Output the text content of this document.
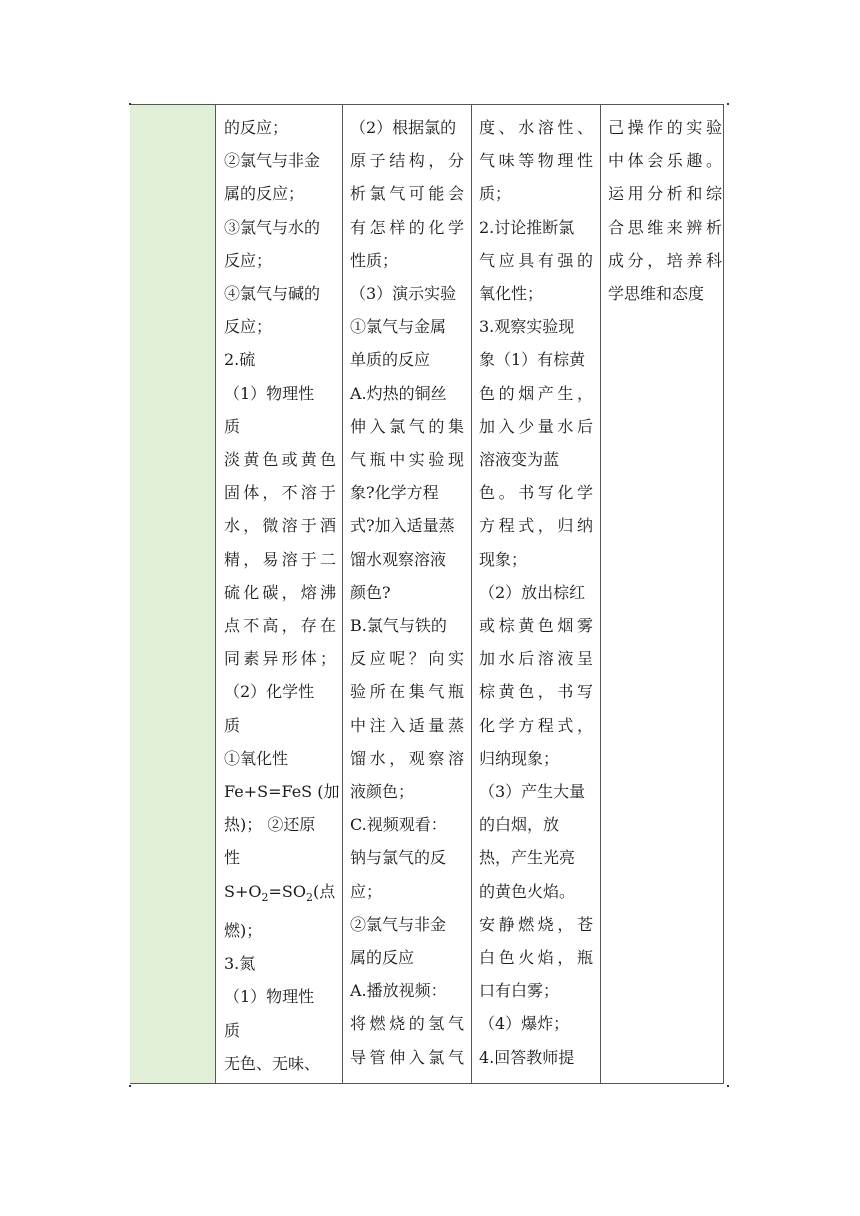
的反应；
②氯气与非金
属的反应；
③氯气与水的
反应；
④氯气与碱的
反应；
2.硫
（1）物理性
质
淡黄色或黄色
固体，不溶于
水，微溶于酒
精，易溶于二
硫化碳，熔沸
点不高，存在
同素异形体；
（2）化学性
质
①氧化性
Fe+S=FeS (加
热)； ②还原
性
$S+O_2=SO_2$(点
燃)；
3.氮
（1）物理性
质
无色、无味、
（2）根据氯的
原子结构，分
析氯气可能会
有怎样的化学
性质；
（3）演示实验
①氯气与金属
单质的反应
A.灼热的铜丝
伸入氯气的集
气瓶中实验现
象?化学方程
式?加入适量蒸
馏水观察溶液
颜色?
B.氯气与铁的
反应呢？向实
验所在集气瓶
中注入适量蒸
馏水，观察溶
液颜色；
C.视频观看：
钠与氯气的反
应；
②氯气与非金
属的反应
A.播放视频：
将燃烧的氢气
导管伸入氯气
度、水溶性、
气味等物理性
质；
2.讨论推断氯
气应具有强的
氧化性；
3.观察实验现
象（1）有棕黄
色的烟产生，
加入少量水后
溶液变为蓝
色。书写化学
方程式，归纳
现象；
（2）放出棕红
或棕黄色烟雾
加水后溶液呈
棕黄色，书写
化学方程式，
归纳现象；
（3）产生大量
的白烟，放
热，产生光亮
的黄色火焰。
安静燃烧，苍
白色火焰，瓶
口有白雾；
（4）爆炸；
4.回答教师提
己操作的实验
中体会乐趣。
运用分析和综
合思维来辨析
成分，培养科
学思维和态度
